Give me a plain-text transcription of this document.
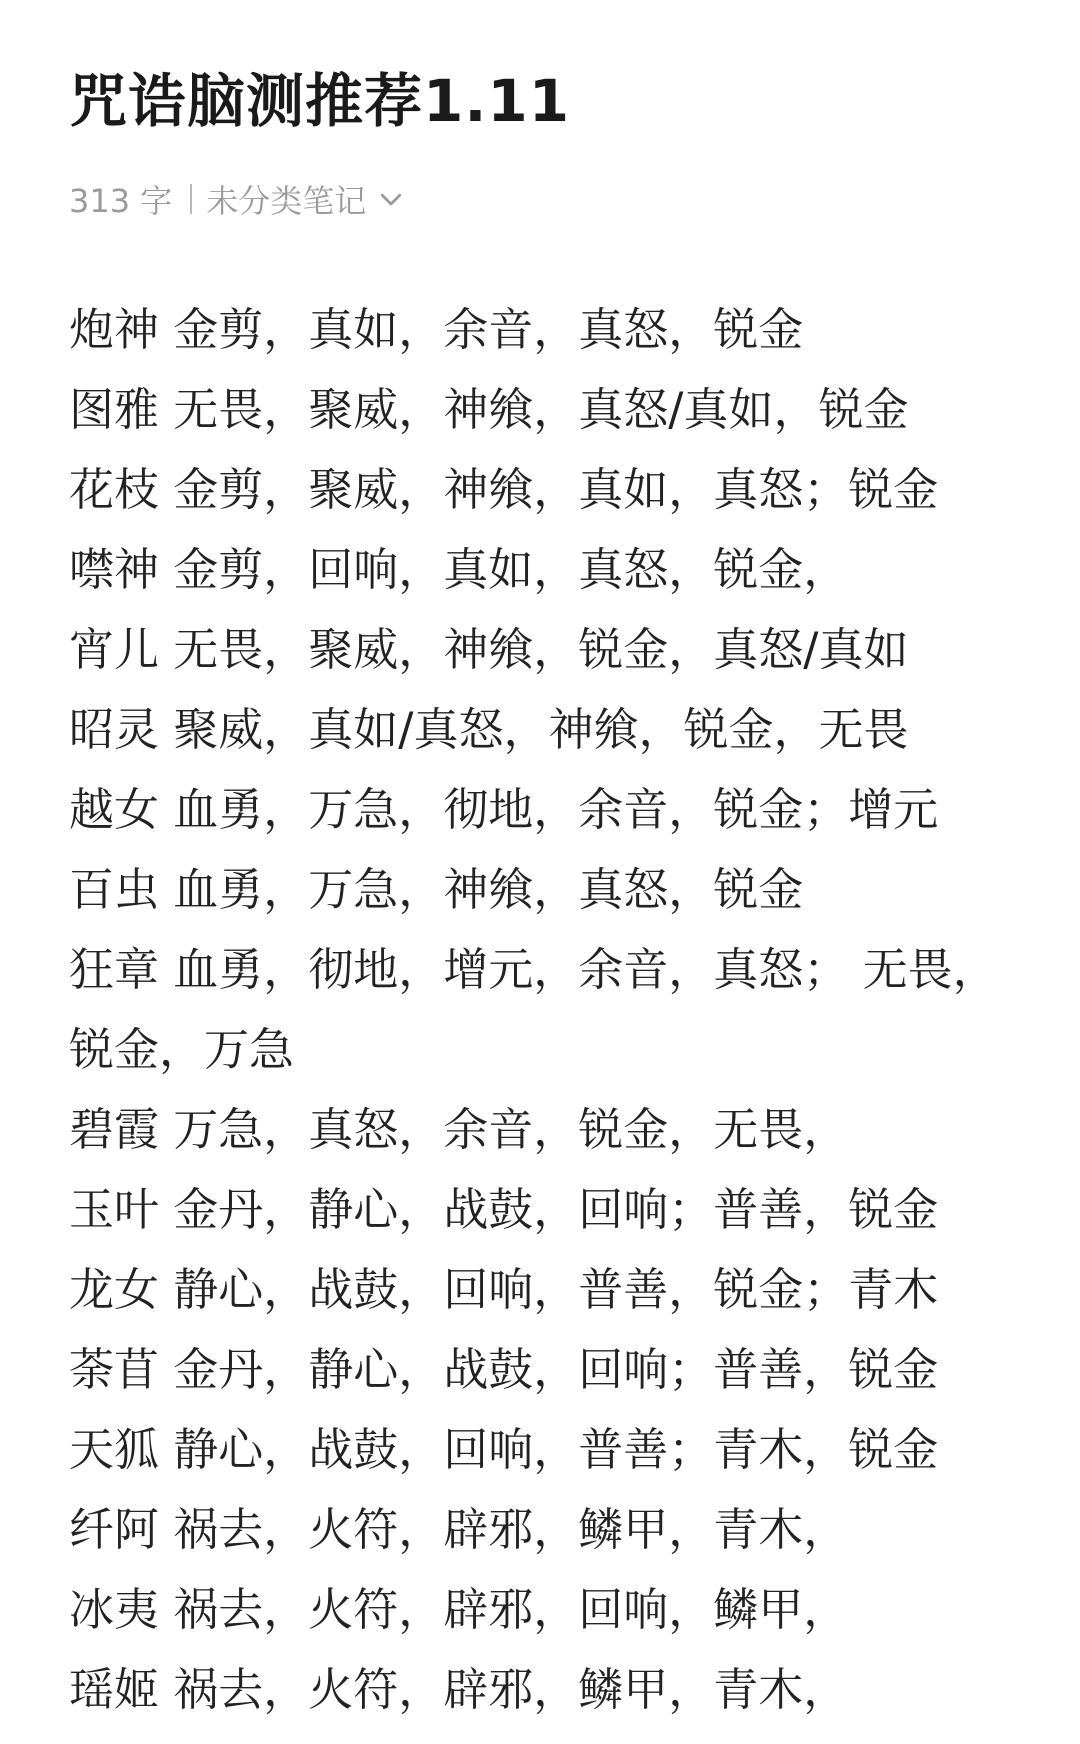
咒诰脑测推荐1.11
313 字 未分类笔记
炮神 金剪，真如，余音，真怒，锐金
图雅 无畏，聚威，神飨，真怒/真如，锐金
花枝 金剪，聚威，神飨，真如，真怒；锐金
噤神 金剪，回响，真如，真怒，锐金，
宵儿 无畏，聚威，神飨，锐金，真怒/真如
昭灵 聚威，真如/真怒，神飨，锐金，无畏
越女 血勇，万急，彻地，余音，锐金；增元
百虫 血勇，万急，神飨，真怒，锐金
狂章 血勇，彻地，增元，余音，真怒； 无畏，
锐金，万急
碧霞 万急，真怒，余音，锐金，无畏，
玉叶 金丹，静心，战鼓，回响；普善，锐金
龙女 静心，战鼓，回响，普善，锐金；青木
荼苜 金丹，静心，战鼓，回响；普善，锐金
天狐 静心，战鼓，回响，普善；青木，锐金
纤阿 祸去，火符，辟邪，鳞甲，青木，
冰夷 祸去，火符，辟邪，回响，鳞甲，
瑶姬 祸去，火符，辟邪，鳞甲，青木，
